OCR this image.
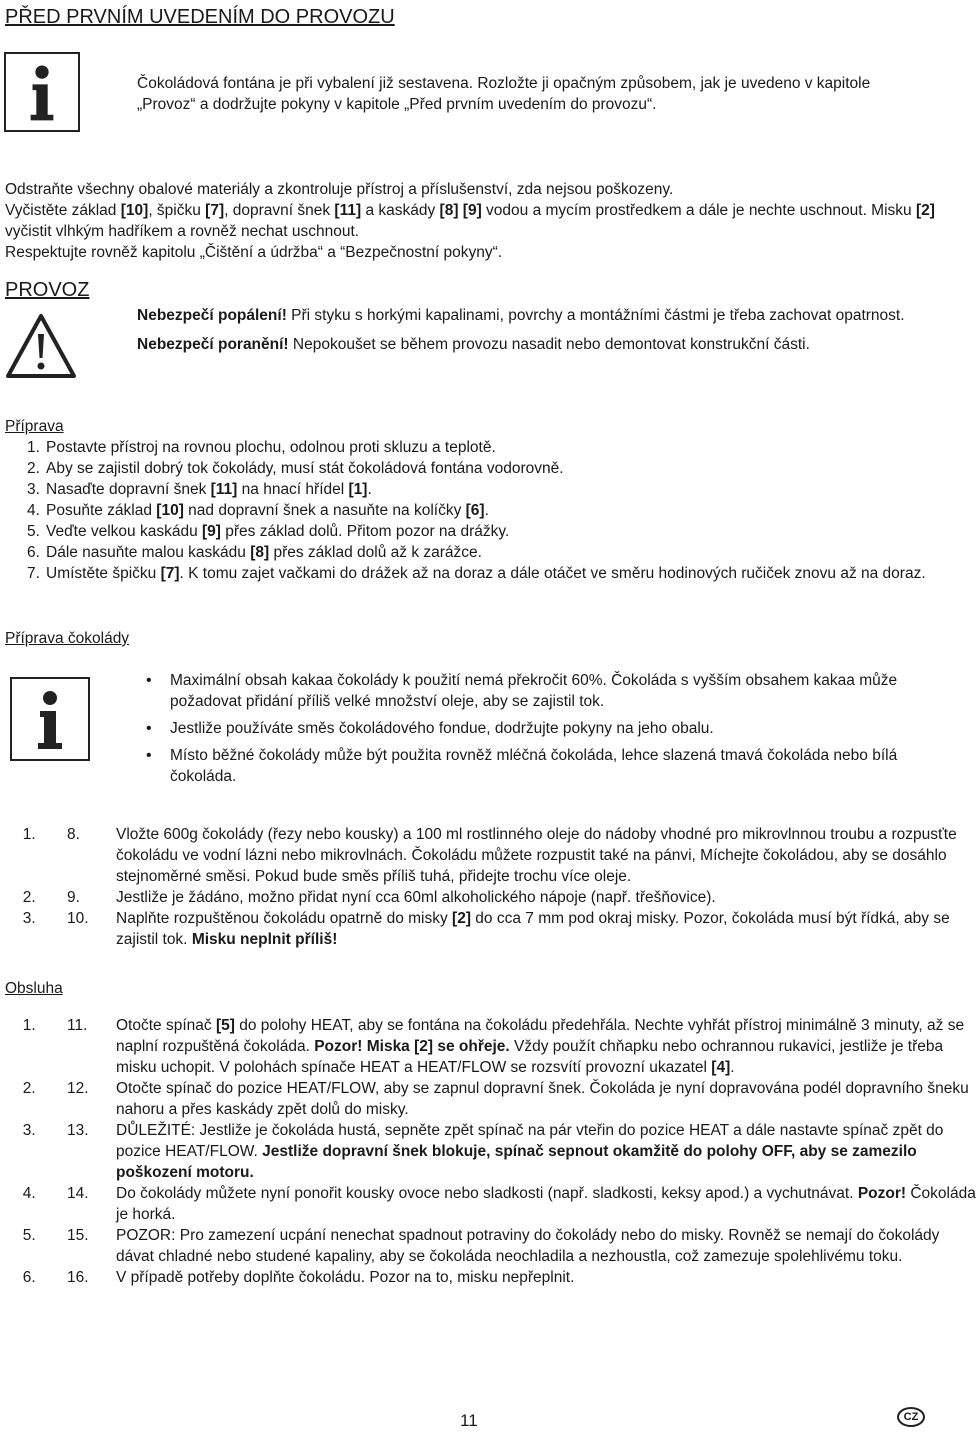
PŘED PRVNÍM UVEDENÍM DO PROVOZU

Čokoládová fontána je při vybalení již sestavena. Rozložte ji opačným způsobem, jak je uvedeno v kapitole „Provoz“ a dodržujte pokyny v kapitole „Před prvním uvedením do provozu“.

Odstraňte všechny obalové materiály a zkontroluje přístroj a příslušenství, zda nejsou poškozeny.
Vyčistěte základ [10], špičku [7], dopravní šnek [11] a kaskády [8] [9] vodou a mycím prostředkem a dále je nechte uschnout. Misku [2] vyčistit vlhkým hadříkem a rovněž nechat uschnout.
Respektujte rovněž kapitolu „Čištění a údržba“ a “Bezpečnostní pokyny“.
PROVOZ
Nebezpečí popálení! Při styku s horkými kapalinami, povrchy a montážními částmi je třeba zachovat opatrnost.
Nebezpečí poranění! Nepokoušet se během provozu nasadit nebo demontovat konstrukční části.
Příprava
1. Postavte přístroj na rovnou plochu, odolnou proti skluzu a teplotě.
2. Aby se zajistil dobrý tok čokolády, musí stát čokoládová fontána vodorovně.
3. Nasaďte dopravní šnek [11] na hnací hřídel [1].
4. Posuňte základ [10] nad dopravní šnek a nasuňte na kolíčky [6].
5. Veďte velkou kaskádu [9] přes základ dolů. Přitom pozor na drážky.
6. Dále nasuňte malou kaskádu [8] přes základ dolů až k zarážce.
7. Umístěte špičku [7]. K tomu zajet vačkami do drážek až na doraz a dále otáčet ve směru hodinových ručiček znovu až na doraz.
Příprava čokolády
• Maximální obsah kakaa čokolády k použití nemá překročit 60%. Čokoláda s vyšším obsahem kakaa může požadovat přidání příliš velké množství oleje, aby se zajistil tok.
• Jestliže používáte směs čokoládového fondue, dodržujte pokyny na jeho obalu.
• Místo běžné čokolády může být použita rovněž mléčná čokoláda, lehce slazená tmavá čokoláda nebo bílá čokoláda.
1. 8. Vložte 600g čokolády (řezy nebo kousky) a 100 ml rostlinného oleje do nádoby vhodné pro mikrovlnnou troubu a rozpusťte čokoládu ve vodní lázni nebo mikrovlnách. Čokoládu můžete rozpustit také na pánvi, Míchejte čokoládou, aby se dosáhlo stejnoměrné směsi. Pokud bude směs příliš tuhá, přidejte trochu více oleje.
2. 9. Jestliže je žádáno, možno přidat nyní cca 60ml alkoholického nápoje (např. třešňovice).
3. 10. Naplňte rozpuštěnou čokoládu opatrně do misky [2] do cca 7 mm pod okraj misky. Pozor, čokoláda musí být řídká, aby se zajistil tok. Misku neplnit příliš!
Obsluha
1. 11. Otočte spínač [5] do polohy HEAT, aby se fontána na čokoládu předehřála. Nechte vyhřát přístroj minimálně 3 minuty, až se naplní rozpuštěná čokoláda. Pozor! Miska [2] se ohřeje. Vždy použít chňapku nebo ochrannou rukavici, jestliže je třeba misku uchopit. V polohách spínače HEAT a HEAT/FLOW se rozsvítí provozní ukazatel [4].
2. 12. Otočte spínač do pozice HEAT/FLOW, aby se zapnul dopravní šnek. Čokoláda je nyní dopravována podél dopravního šneku nahoru a přes kaskády zpět dolů do misky.
3. 13. DŮLEŽITÉ: Jestliže je čokoláda hustá, sepněte zpět spínač na pár vteřin do pozice HEAT a dále nastavte spínač zpět do pozice HEAT/FLOW. Jestliže dopravní šnek blokuje, spínač sepnout okamžitě do polohy OFF, aby se zamezilo poškození motoru.
4. 14. Do čokolády můžete nyní ponořit kousky ovoce nebo sladkosti (např. sladkosti, keksy apod.) a vychutnávat. Pozor! Čokoláda je horká.
5. 15. POZOR: Pro zamezení ucpání nenechat spadnout potraviny do čokolády nebo do misky. Rovněž se nemají do čokolády dávat chladné nebo studené kapaliny, aby se čokoláda neochladila a nezhoustla, což zamezuje spolehlivému toku.
6. 16. V případě potřeby doplňte čokoládu. Pozor na to, misku nepřeplnit.
11	CZ
